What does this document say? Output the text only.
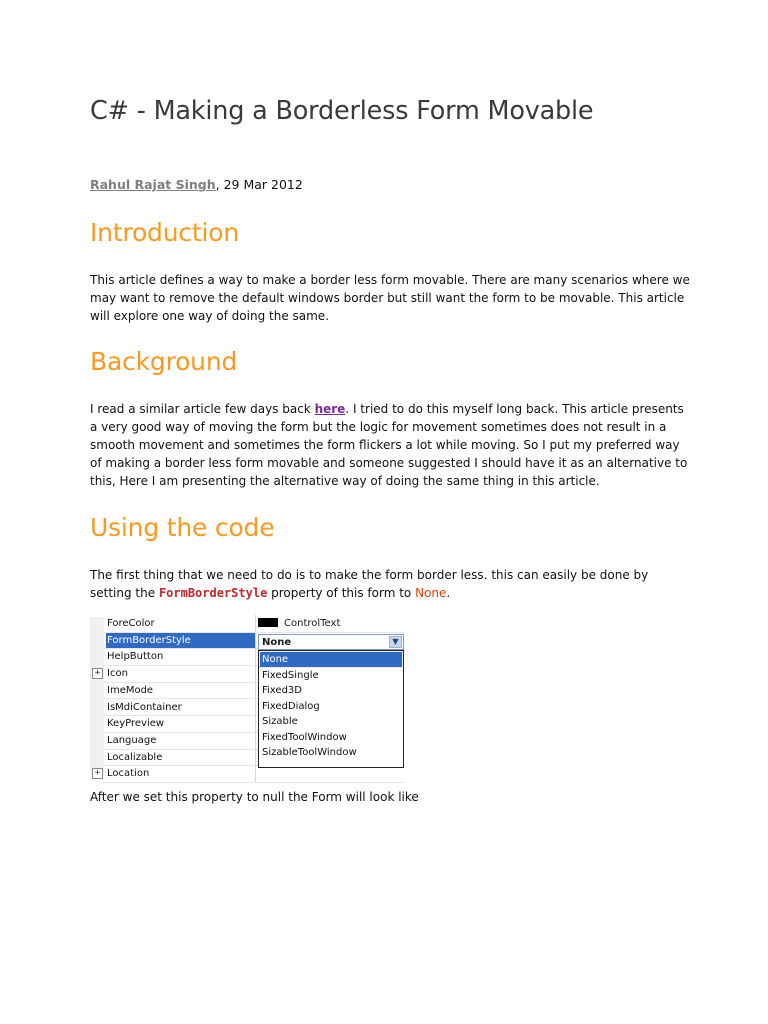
C# - Making a Borderless Form Movable
Rahul Rajat Singh, 29 Mar 2012
Introduction

This article defines a way to make a border less form movable. There are many scenarios where we may want to remove the default windows border but still want the form to be movable. This article will explore one way of doing the same.

Background

I read a similar article few days back here. I tried to do this myself long back. This article presents a very good way of moving the form but the logic for movement sometimes does not result in a smooth movement and sometimes the form flickers a lot while moving. So I put my preferred way of making a border less form movable and someone suggested I should have it as an alternative to this, Here I am presenting the alternative way of doing the same thing in this article.

Using the code

The first thing that we need to do is to make the form border less. this can easily be done by setting the FormBorderStyle property of this form to None.

ForeColor	ControlText
FormBorderStyle
HelpButton
Icon
ImeMode
IsMdiContainer
KeyPreview
Language
Localizable
Location
None	▼
None
FixedSingle
Fixed3D
FixedDialog
Sizable
FixedToolWindow
SizableToolWindow
+
+
After we set this property to null the Form will look like
